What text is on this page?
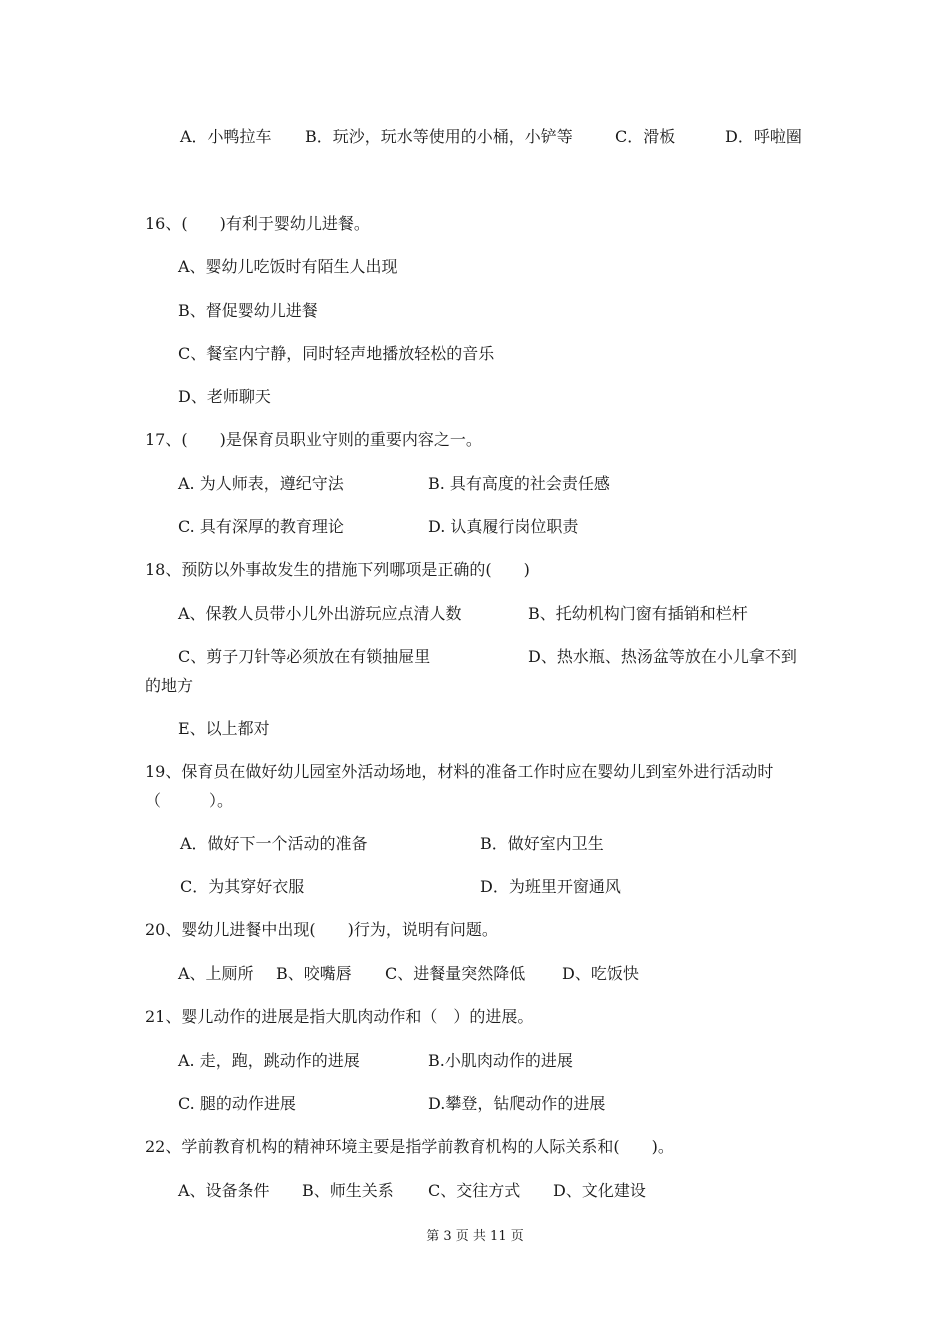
A．小鸭拉车 B．玩沙，玩水等使用的小桶，小铲等	C．滑板	D．呼啦圈
16、(　　)有利于婴幼儿进餐。
A、婴幼儿吃饭时有陌生人出现
B、督促婴幼儿进餐
C、餐室内宁静，同时轻声地播放轻松的音乐
D、老师聊天
17、(　　)是保育员职业守则的重要内容之一。
A. 为人师表，遵纪守法	B. 具有高度的社会责任感
C. 具有深厚的教育理论	D. 认真履行岗位职责
18、预防以外事故发生的措施下列哪项是正确的(　　)
A、保教人员带小儿外出游玩应点清人数	B、托幼机构门窗有插销和栏杆
C、剪子刀针等必须放在有锁抽屉里	D、热水瓶、热汤盆等放在小儿拿不到
的地方
E、以上都对
19、保育员在做好幼儿园室外活动场地，材料的准备工作时应在婴幼儿到室外进行活动时
（　　　）。
A．做好下一个活动的准备	B．做好室内卫生
C．为其穿好衣服	D．为班里开窗通风
20、婴幼儿进餐中出现(　　)行为，说明有问题。
A、上厕所 B、咬嘴唇 C、进餐量突然降低 D、吃饭快
21、婴儿动作的进展是指大肌肉动作和（　）的进展。
A. 走，跑，跳动作的进展	B.小肌肉动作的进展
C. 腿的动作进展	D.攀登，钻爬动作的进展
22、学前教育机构的精神环境主要是指学前教育机构的人际关系和(　　)。
A、设备条件 B、师生关系 C、交往方式 D、文化建设
第 3 页 共 11 页
